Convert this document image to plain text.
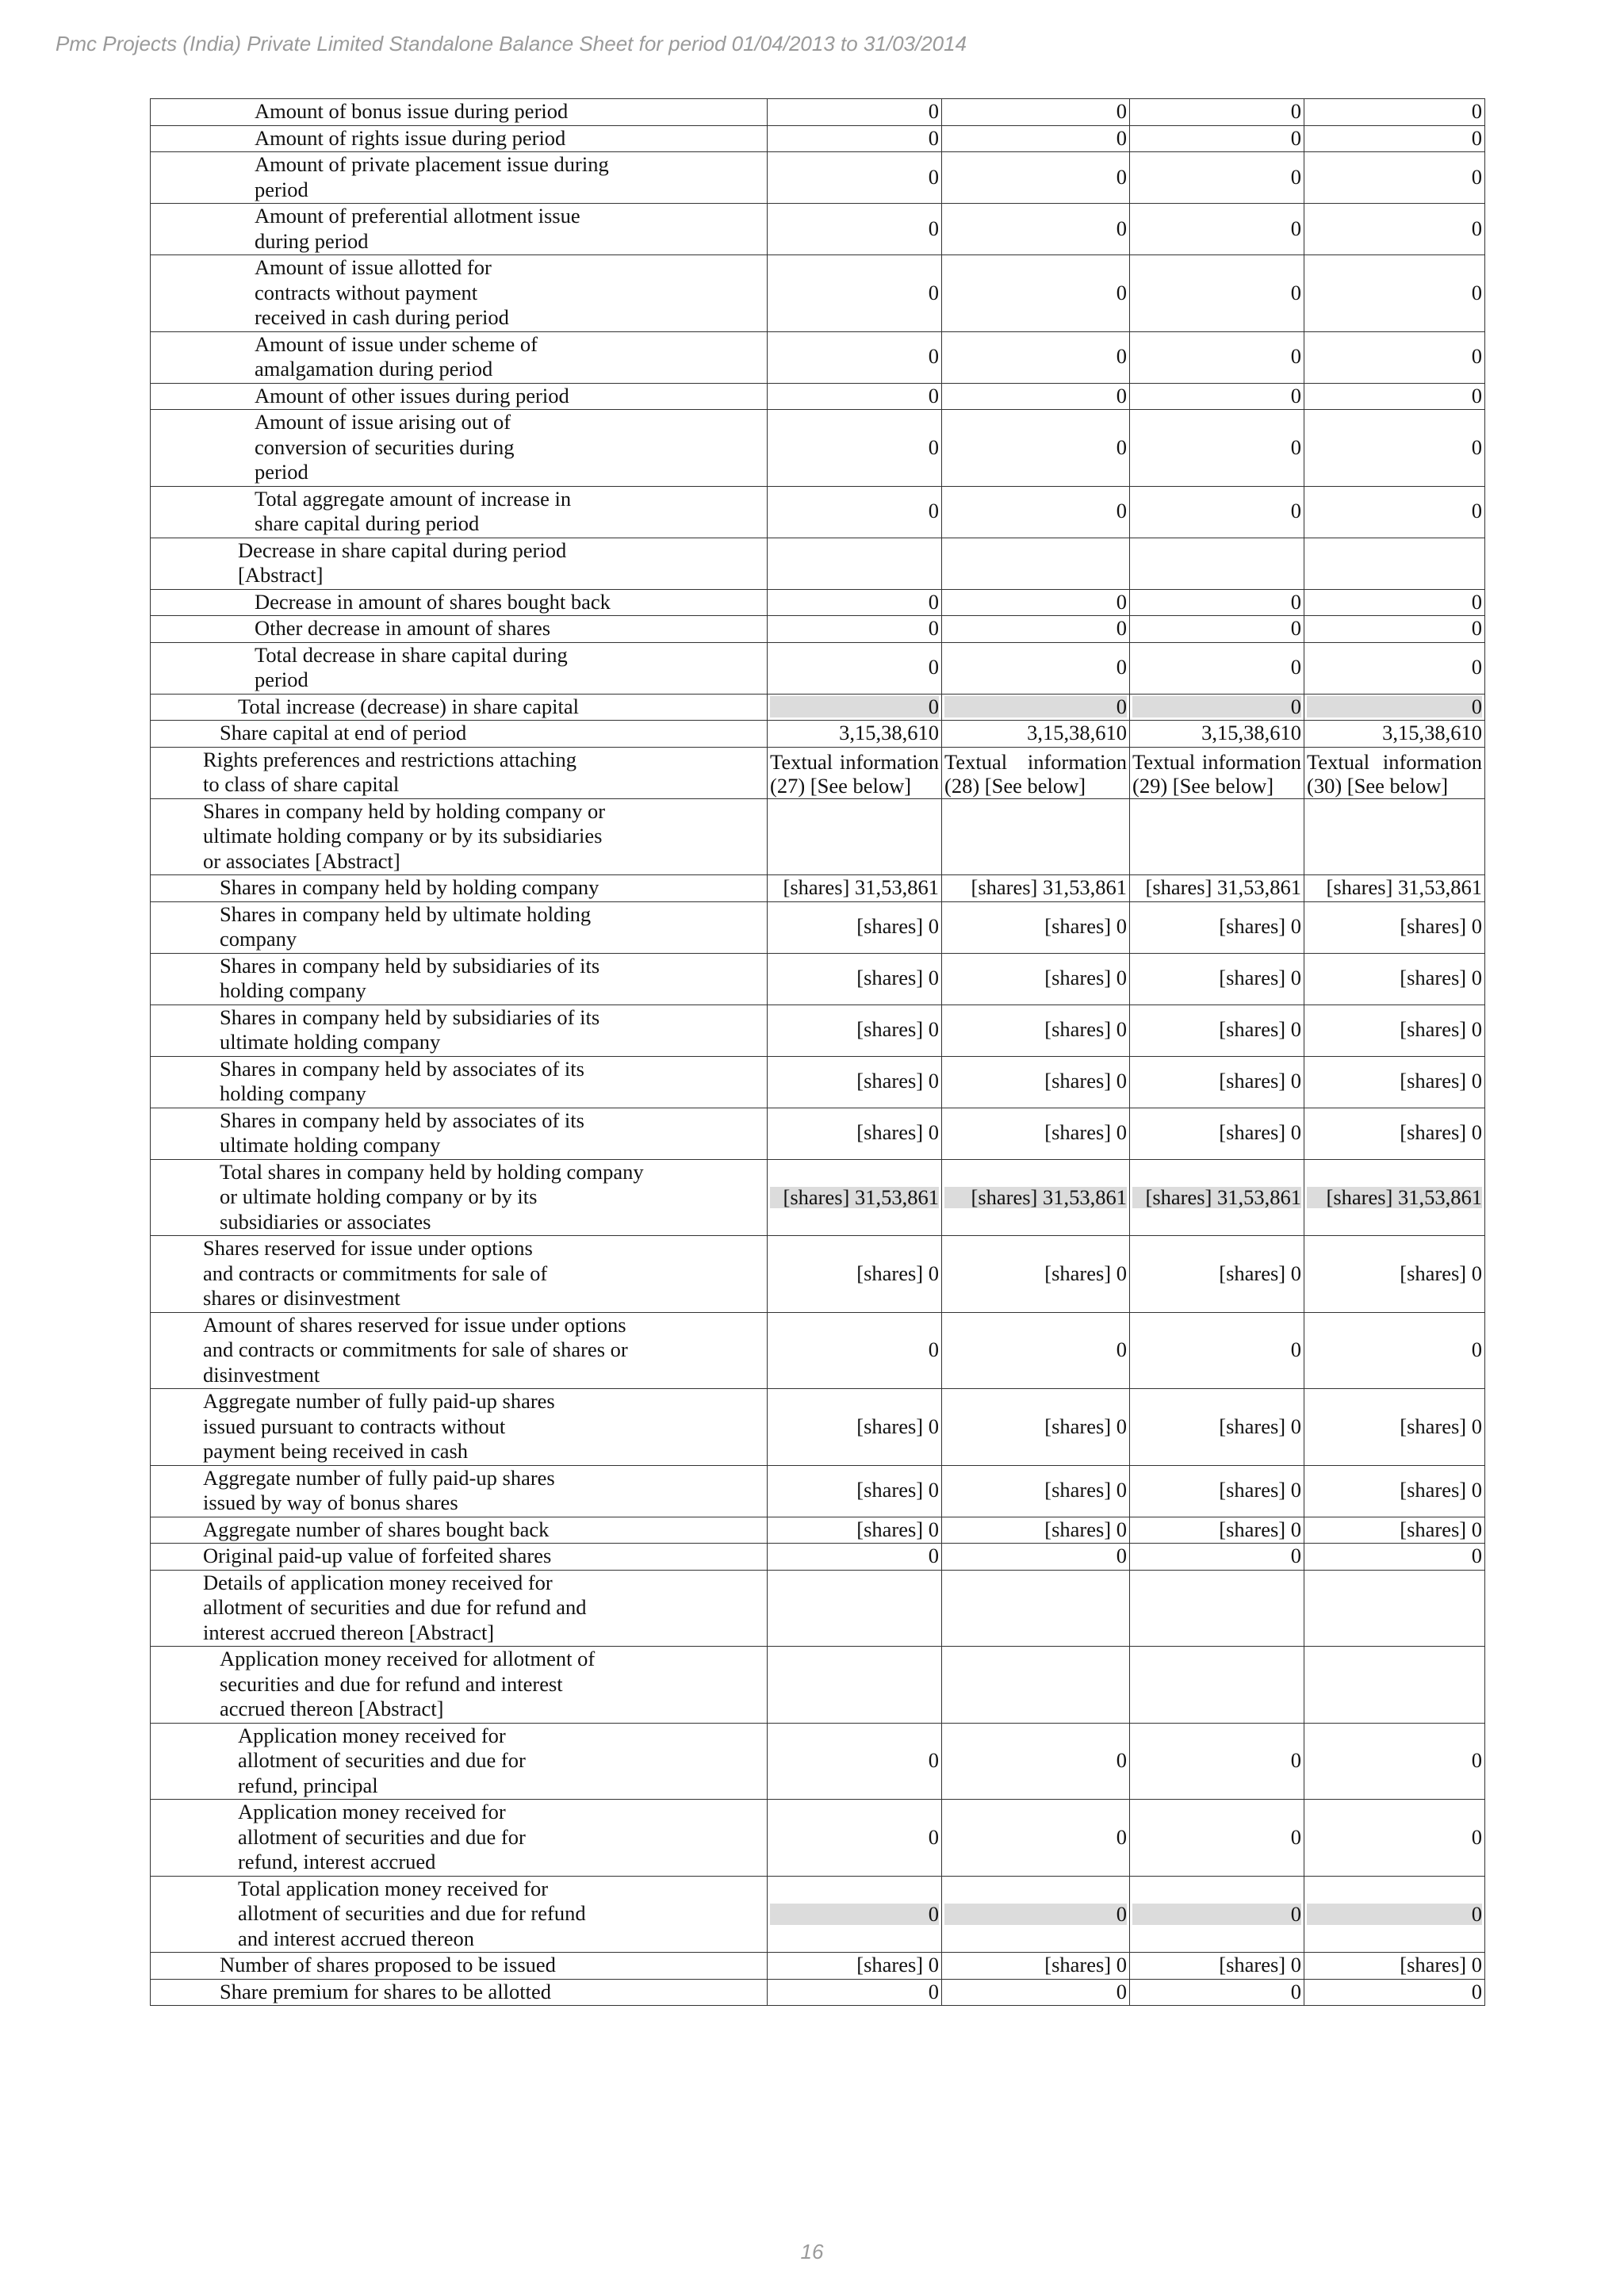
Pmc Projects (India) Private Limited Standalone Balance Sheet for period 01/04/2013 to 31/03/2014
Amount of bonus issue during period	0	0	0	0

Amount of rights issue during period	0	0	0	0

Amount of private placement issue during
period	0	0	0	0

Amount of preferential allotment issue
during period	0	0	0	0

Amount of issue allotted for
contracts without payment
received in cash during period	0	0	0	0

Amount of issue under scheme of
amalgamation during period	0	0	0	0

Amount of other issues during period	0	0	0	0

Amount of issue arising out of
conversion of securities during
period	0	0	0	0

Total aggregate amount of increase in
share capital during period	0	0	0	0

Decrease in share capital during period
[Abstract]				

Decrease in amount of shares bought back	0	0	0	0

Other decrease in amount of shares	0	0	0	0

Total decrease in share capital during
period	0	0	0	0

Total increase (decrease) in share capital	0	0	0	0

Share capital at end of period	3,15,38,610	3,15,38,610	3,15,38,610	3,15,38,610

Rights preferences and restrictions attaching
to class of share capital	Textual information
(27) [See below]	Textual information
(28) [See below]	Textual information
(29) [See below]	Textual information
(30) [See below]

Shares in company held by holding company or
ultimate holding company or by its subsidiaries
or associates [Abstract]				

Shares in company held by holding company	[shares] 31,53,861	[shares] 31,53,861	[shares] 31,53,861	[shares] 31,53,861

Shares in company held by ultimate holding
company	[shares] 0	[shares] 0	[shares] 0	[shares] 0

Shares in company held by subsidiaries of its
holding company	[shares] 0	[shares] 0	[shares] 0	[shares] 0

Shares in company held by subsidiaries of its
ultimate holding company	[shares] 0	[shares] 0	[shares] 0	[shares] 0

Shares in company held by associates of its
holding company	[shares] 0	[shares] 0	[shares] 0	[shares] 0

Shares in company held by associates of its
ultimate holding company	[shares] 0	[shares] 0	[shares] 0	[shares] 0

Total shares in company held by holding company
or ultimate holding company or by its
subsidiaries or associates	[shares] 31,53,861	[shares] 31,53,861	[shares] 31,53,861	[shares] 31,53,861

Shares reserved for issue under options
and contracts or commitments for sale of
shares or disinvestment	[shares] 0	[shares] 0	[shares] 0	[shares] 0

Amount of shares reserved for issue under options
and contracts or commitments for sale of shares or
disinvestment	0	0	0	0

Aggregate number of fully paid-up shares
issued pursuant to contracts without
payment being received in cash	[shares] 0	[shares] 0	[shares] 0	[shares] 0

Aggregate number of fully paid-up shares
issued by way of bonus shares	[shares] 0	[shares] 0	[shares] 0	[shares] 0

Aggregate number of shares bought back	[shares] 0	[shares] 0	[shares] 0	[shares] 0

Original paid-up value of forfeited shares	0	0	0	0

Details of application money received for
allotment of securities and due for refund and
interest accrued thereon [Abstract]				

Application money received for allotment of
securities and due for refund and interest
accrued thereon [Abstract]				

Application money received for
allotment of securities and due for
refund, principal	0	0	0	0

Application money received for
allotment of securities and due for
refund, interest accrued	0	0	0	0

Total application money received for
allotment of securities and due for refund
and interest accrued thereon	0	0	0	0

Number of shares proposed to be issued	[shares] 0	[shares] 0	[shares] 0	[shares] 0

Share premium for shares to be allotted	0	0	0	0
16
